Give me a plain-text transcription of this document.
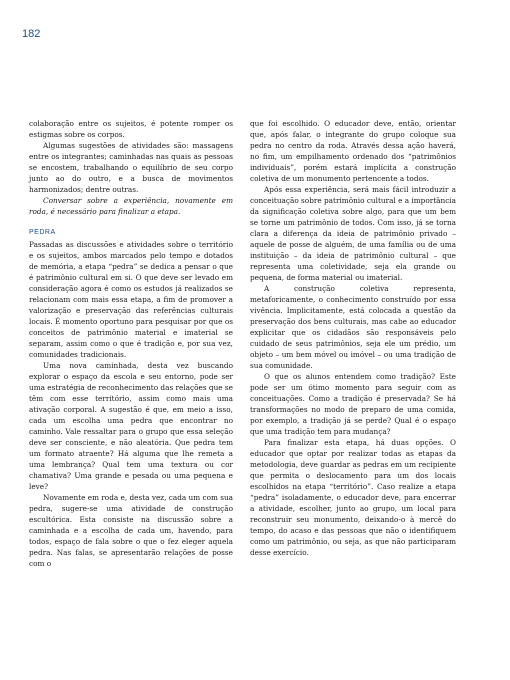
182

colaboração entre os sujeitos, é potente romper os estigmas sobre os corpos.

Algumas sugestões de atividades são: massagens entre os integrantes; caminhadas nas quais as pessoas se encostem, trabalhando o equilíbrio de seu corpo junto ao do outro, e a busca de movimentos harmonizados; dentre outras.

Conversar sobre a experiência, novamente em roda, é necessário para finalizar a etapa.

PEDRA

Passadas as discussões e atividades sobre o território e os sujeitos, ambos marcados pelo tempo e dotados de memória, a etapa “pedra” se dedica a pensar o que é patrimônio cultural em si. O que deve ser levado em consideração agora é como os estudos já realizados se relacionam com mais essa etapa, a fim de promover a valorização e preservação das referências culturais locais. É momento oportuno para pesquisar por que os conceitos de patrimônio material e imaterial se separam, assim como o que é tradição e, por sua vez, comunidades tradicionais.

Uma nova caminhada, desta vez buscando explorar o espaço da escola e seu entorno, pode ser uma estratégia de reconhecimento das relações que se têm com esse território, assim como mais uma ativação corporal. A sugestão é que, em meio a isso, cada um escolha uma pedra que encontrar no caminho. Vale ressaltar para o grupo que essa seleção deve ser consciente, e não aleatória. Que pedra tem um formato atraente? Há alguma que lhe remeta a uma lembrança? Qual tem uma textura ou cor chamativa? Uma grande e pesada ou uma pequena e leve?

Novamente em roda e, desta vez, cada um com sua pedra, sugere-se uma atividade de construção escultórica. Esta consiste na discussão sobre a caminhada e a escolha de cada um, havendo, para todos, espaço de fala sobre o que o fez eleger aquela pedra. Nas falas, se apresentarão relações de posse com o

que foi escolhido. O educador deve, então, orientar que, após falar, o integrante do grupo coloque sua pedra no centro da roda. Através dessa ação haverá, no fim, um empilhamento ordenado dos “patrimônios individuais”, porém estará implícita a construção coletiva de um monumento pertencente a todos.

Após essa experiência, será mais fácil introduzir a conceituação sobre patrimônio cultural e a importância da significação coletiva sobre algo, para que um bem se torne um patrimônio de todos. Com isso, já se torna clara a diferença da ideia de patrimônio privado – aquele de posse de alguém, de uma família ou de uma instituição – da ideia de patrimônio cultural – que representa uma coletividade, seja ela grande ou pequena, de forma material ou imaterial.

A construção coletiva representa, metaforicamente, o conhecimento construído por essa vivência. Implicitamente, está colocada a questão da preservação dos bens culturais, mas cabe ao educador explicitar que os cidadãos são responsáveis pelo cuidado de seus patrimônios, seja ele um prédio, um objeto – um bem móvel ou imóvel – ou uma tradição de sua comunidade.

O que os alunos entendem como tradição? Este pode ser um ótimo momento para seguir com as conceituações. Como a tradição é preservada? Se há transformações no modo de preparo de uma comida, por exemplo, a tradição já se perde? Qual é o espaço que uma tradição tem para mudança?

Para finalizar esta etapa, há duas opções. O educador que optar por realizar todas as etapas da metodologia, deve guardar as pedras em um recipiente que permita o deslocamento para um dos locais escolhidos na etapa “território”. Caso realize a etapa “pedra” isoladamente, o educador deve, para encerrar a atividade, escolher, junto ao grupo, um local para reconstruir seu monumento, deixando-o à mercê do tempo, do acaso e das pessoas que não o identifiquem como um patrimônio, ou seja, as que não participaram desse exercício.
